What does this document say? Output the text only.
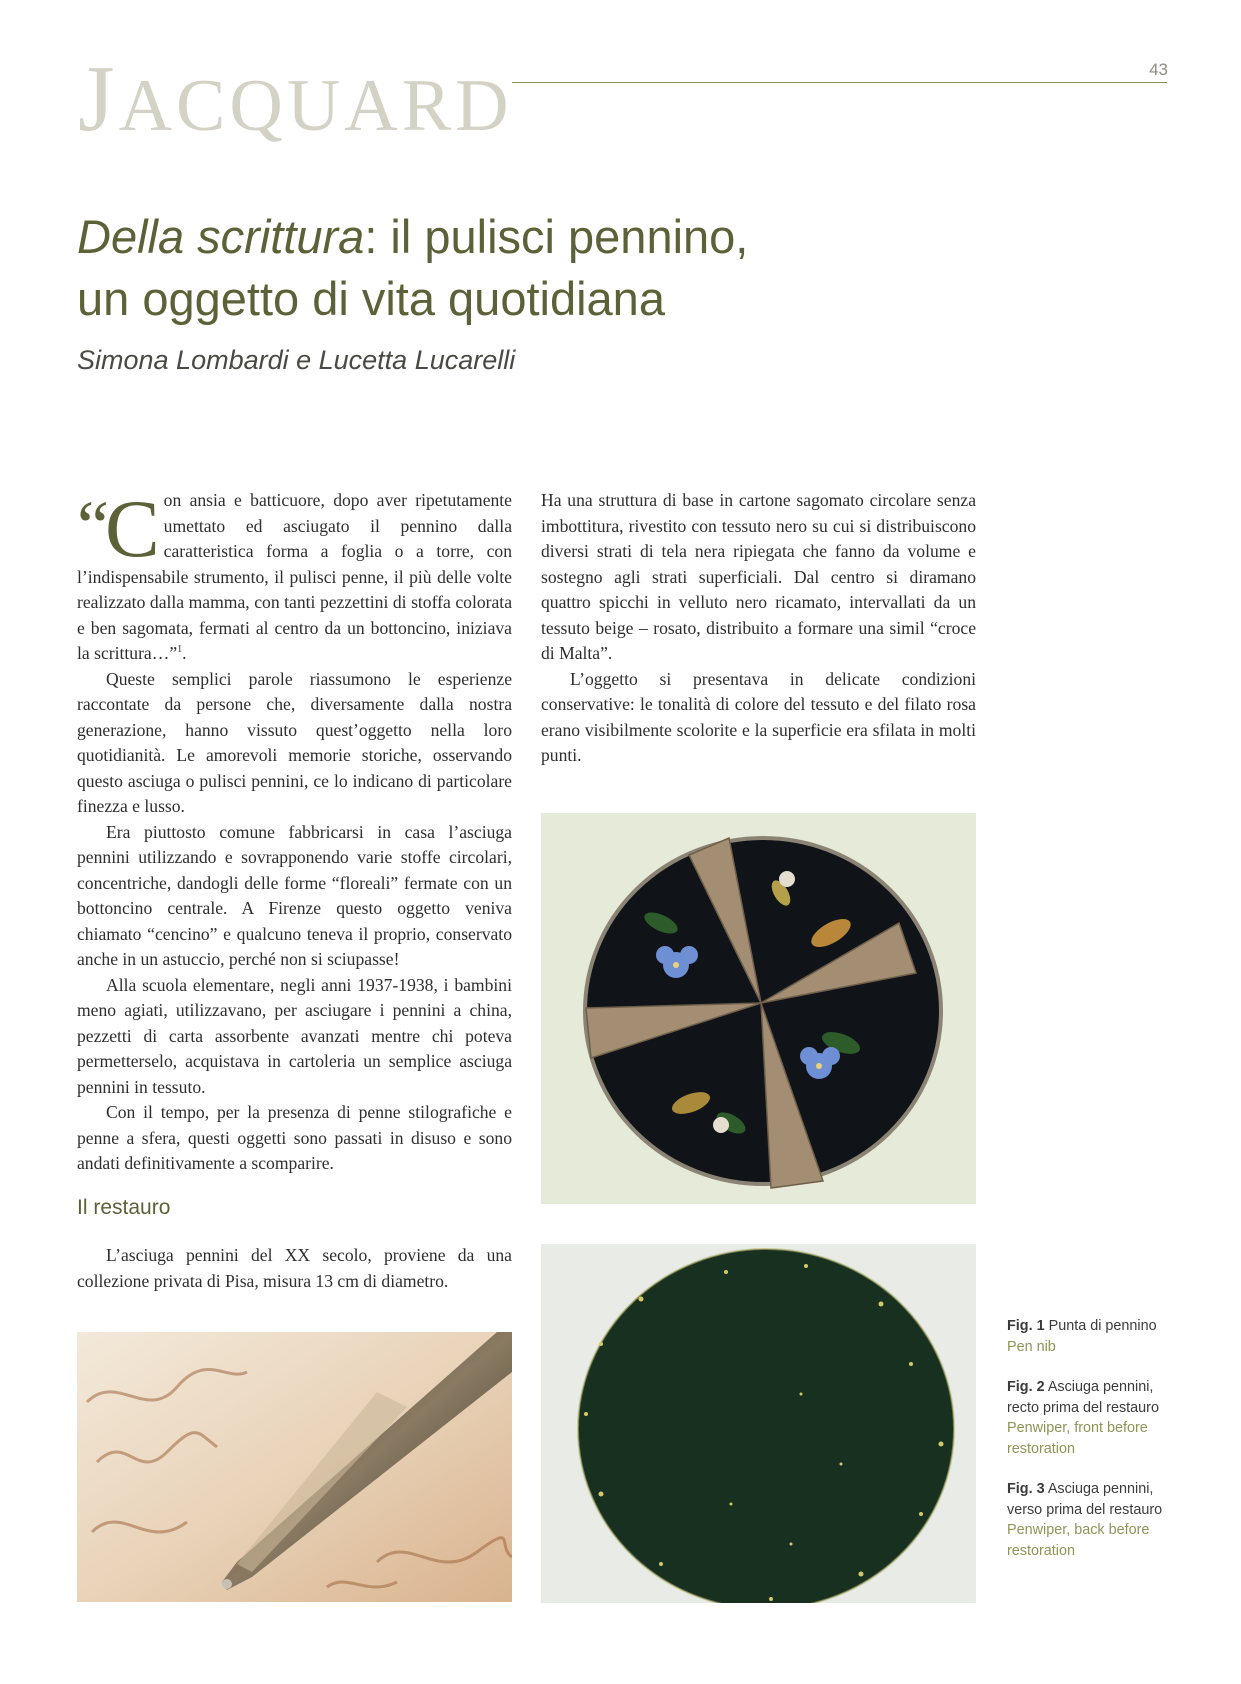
JACQUARD	43
Della scrittura: il pulisci pennino,
un oggetto di vita quotidiana
Simona Lombardi e Lucetta Lucarelli

“C on ansia e batticuore, dopo aver ripetutamente umettato ed asciugato il pennino dalla caratteristica forma a foglia o a torre, con l’indispensabile strumento, il pulisci penne, il più delle volte realizzato dalla mamma, con tanti pezzettini di stoffa colorata e ben sagomata, fermati al centro da un bottoncino, iniziava la scrittura…”$^1$.

Queste semplici parole riassumono le esperienze raccontate da persone che, diversamente dalla nostra generazione, hanno vissuto quest’oggetto nella loro quotidianità. Le amorevoli memorie storiche, osservando questo asciuga o pulisci pennini, ce lo indicano di particolare finezza e lusso.

Era piuttosto comune fabbricarsi in casa l’asciuga pennini utilizzando e sovrapponendo varie stoffe circolari, concentriche, dandogli delle forme “floreali” fermate con un bottoncino centrale. A Firenze questo oggetto veniva chiamato “cencino” e qualcuno teneva il proprio, conservato anche in un astuccio, perché non si sciupasse!

Alla scuola elementare, negli anni 1937-1938, i bambini meno agiati, utilizzavano, per asciugare i pennini a china, pezzetti di carta assorbente avanzati mentre chi poteva permetterselo, acquistava in cartoleria un semplice asciuga pennini in tessuto.

Con il tempo, per la presenza di penne stilografiche e penne a sfera, questi oggetti sono passati in disuso e sono andati definitivamente a scomparire.

Il restauro

L’asciuga pennini del XX secolo, proviene da una collezione privata di Pisa, misura 13 cm di diametro.

Ha una struttura di base in cartone sagomato circolare senza imbottitura, rivestito con tessuto nero su cui si distribuiscono diversi strati di tela nera ripiegata che fanno da volume e sostegno agli strati superficiali. Dal centro si diramano quattro spicchi in velluto nero ricamato, intervallati da un tessuto beige – rosato, distribuito a formare una simil “croce di Malta”.

L’oggetto si presentava in delicate condizioni conservative: le tonalità di colore del tessuto e del filato rosa erano visibilmente scolorite e la superficie era sfilata in molti punti.

Fig. 1 Punta di pennino
Pen nib
Fig. 2 Asciuga pennini, recto prima del restauro
Penwiper, front before restoration
Fig. 3 Asciuga pennini, verso prima del restauro
Penwiper, back before restoration
